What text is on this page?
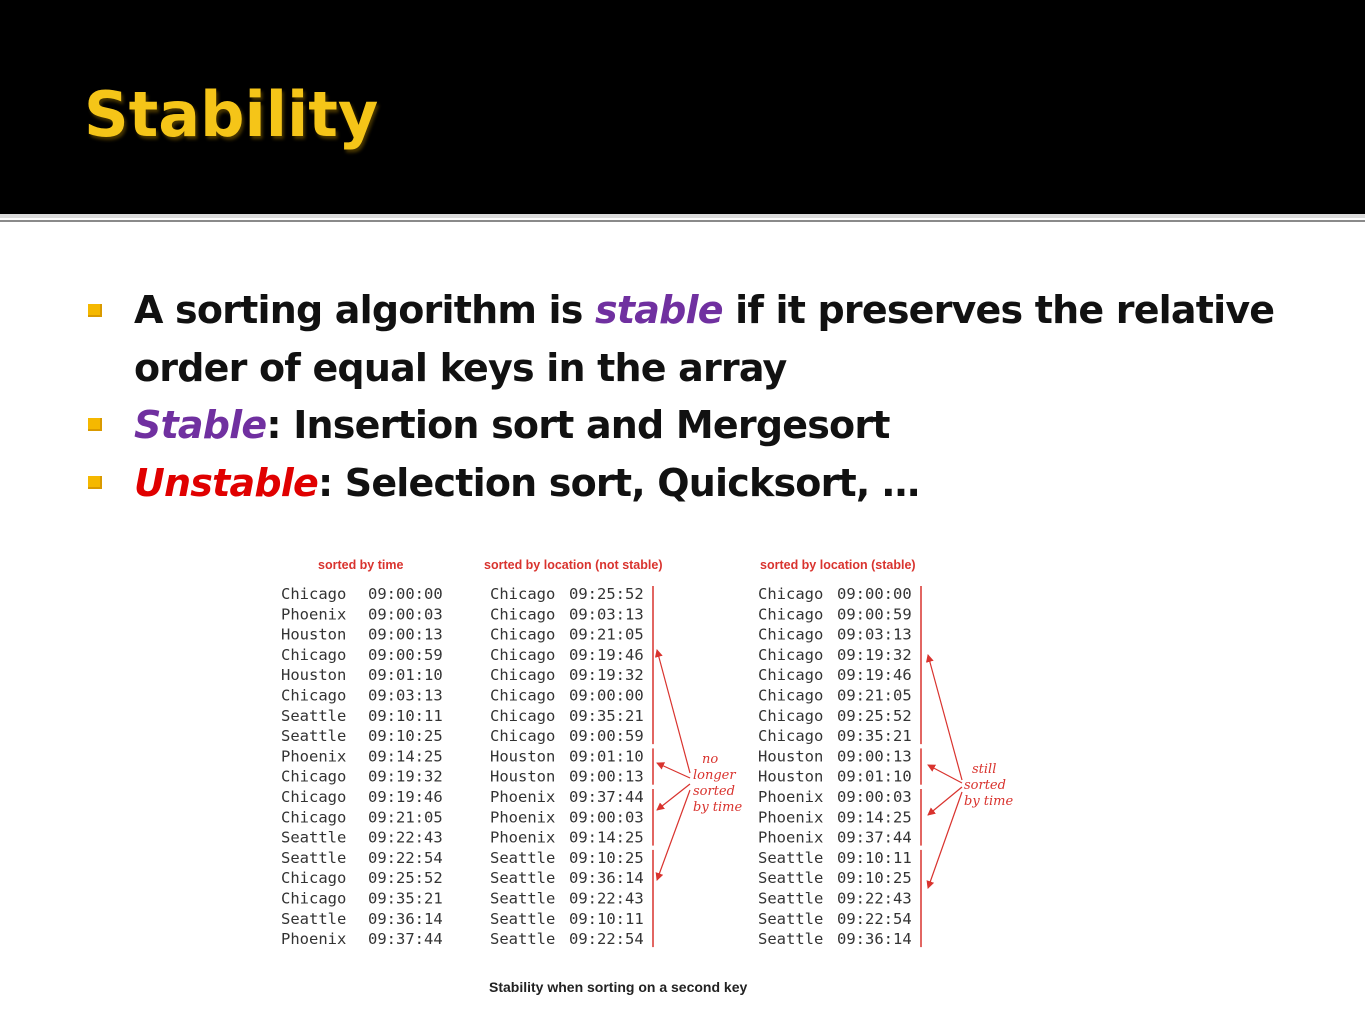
Stability
A sorting algorithm is stable if it preserves the relative
order of equal keys in the array
Stable: Insertion sort and Mergesort
Unstable: Selection sort, Quicksort, …
sorted by time	sorted by location (not stable)	sorted by location (stable)
Chicago 09:00:00
Phoenix 09:00:03
Houston 09:00:13
Chicago 09:00:59
Houston 09:01:10
Chicago 09:03:13
Seattle 09:10:11
Seattle 09:10:25
Phoenix 09:14:25
Chicago 09:19:32
Chicago 09:19:46
Chicago 09:21:05
Seattle 09:22:43
Seattle 09:22:54
Chicago 09:25:52
Chicago 09:35:21
Seattle 09:36:14
Phoenix 09:37:44
Chicago 09:25:52
Chicago 09:03:13
Chicago 09:21:05
Chicago 09:19:46
Chicago 09:19:32
Chicago 09:00:00
Chicago 09:35:21
Chicago 09:00:59
Houston 09:01:10
Houston 09:00:13
Phoenix 09:37:44
Phoenix 09:00:03
Phoenix 09:14:25
Seattle 09:10:25
Seattle 09:36:14
Seattle 09:22:43
Seattle 09:10:11
Seattle 09:22:54
Chicago 09:00:00
Chicago 09:00:59
Chicago 09:03:13
Chicago 09:19:32
Chicago 09:19:46
Chicago 09:21:05
Chicago 09:25:52
Chicago 09:35:21
Houston 09:00:13
Houston 09:01:10
Phoenix 09:00:03
Phoenix 09:14:25
Phoenix 09:37:44
Seattle 09:10:11
Seattle 09:10:25
Seattle 09:22:43
Seattle 09:22:54
Seattle 09:36:14
no
longer
sorted
by time
still
sorted
by time
Stability when sorting on a second key
